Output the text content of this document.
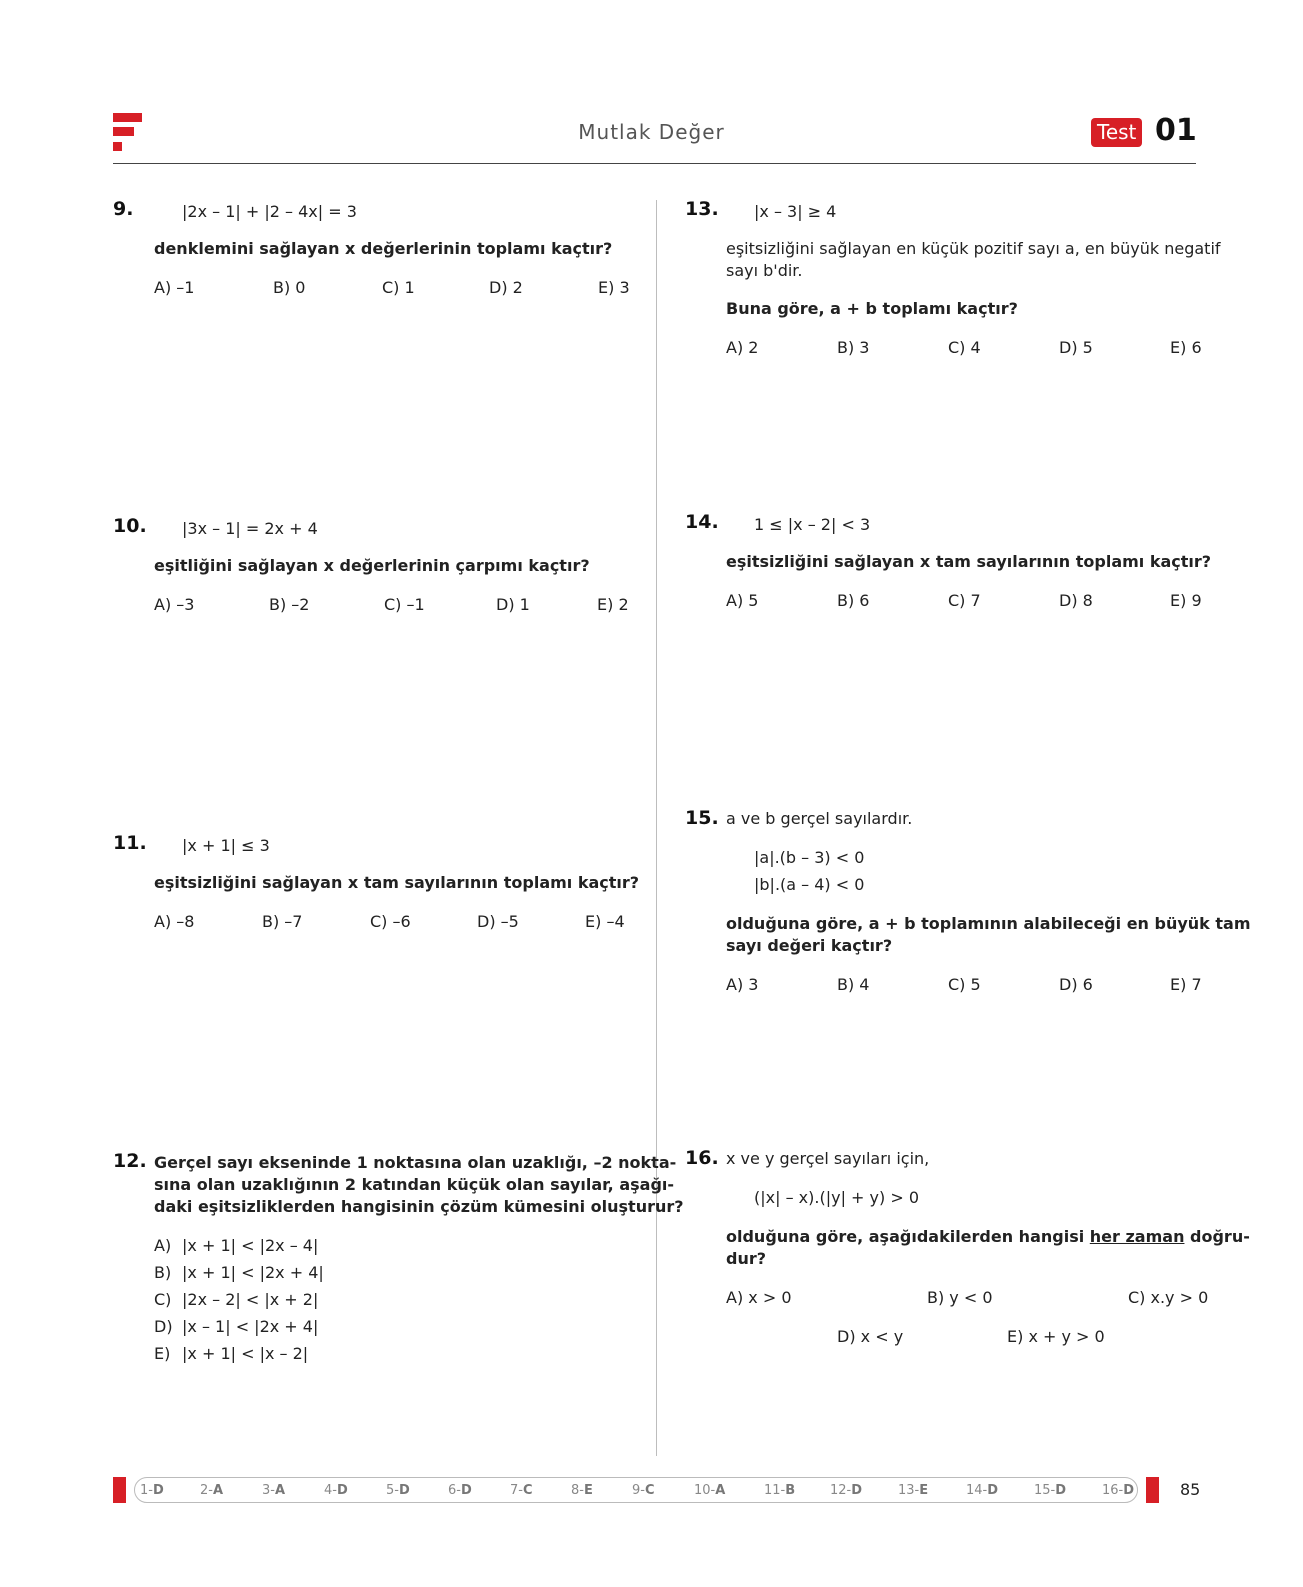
Mutlak Değer	Test 01
9.	|2x – 1| + |2 – 4x| = 3
denklemini sağlayan x değerlerinin toplamı kaçtır?
A) –1	B) 0	C) 1	D) 2	E) 3
10. |3x – 1| = 2x + 4
eşitliğini sağlayan x değerlerinin çarpımı kaçtır?
A) –3	B) –2	C) –1	D) 1	E) 2
11. |x + 1| ≤ 3
eşitsizliğini sağlayan x tam sayılarının toplamı kaçtır?
A) –8	B) –7	C) –6	D) –5	E) –4
12. Gerçel sayı ekseninde 1 noktasına olan uzaklığı, –2 nokta-
sına olan uzaklığının 2 katından küçük olan sayılar, aşağı-
daki eşitsizliklerden hangisinin çözüm kümesini oluşturur?
A) |x + 1| < |2x – 4|
B) |x + 1| < |2x + 4|
C) |2x – 2| < |x + 2|
D) |x – 1| < |2x + 4|
E) |x + 1| < |x – 2|
13. |x – 3| ≥ 4
eşitsizliğini sağlayan en küçük pozitif sayı a, en büyük negatif
sayı b'dir.
Buna göre, a + b toplamı kaçtır?
A) 2	B) 3	C) 4	D) 5	E) 6
14. 1 ≤ |x – 2| < 3
eşitsizliğini sağlayan x tam sayılarının toplamı kaçtır?
A) 5	B) 6	C) 7	D) 8	E) 9
15. a ve b gerçel sayılardır.
|a|.(b – 3) < 0
|b|.(a – 4) < 0
olduğuna göre, a + b toplamının alabileceği en büyük tam
sayı değeri kaçtır?
A) 3	B) 4	C) 5	D) 6	E) 7
16. x ve y gerçel sayıları için,
(|x| – x).(|y| + y) > 0
olduğuna göre, aşağıdakilerden hangisi her zaman doğru-
dur?
A) x > 0	B) y < 0	C) x.y > 0
D) x < y	E) x + y > 0
1-D	2-A	3-A	4-D	5-D	6-D	7-C	8-E	9-C	10-A	11-B	12-D	13-E	14-D	15-D	16-D	85
